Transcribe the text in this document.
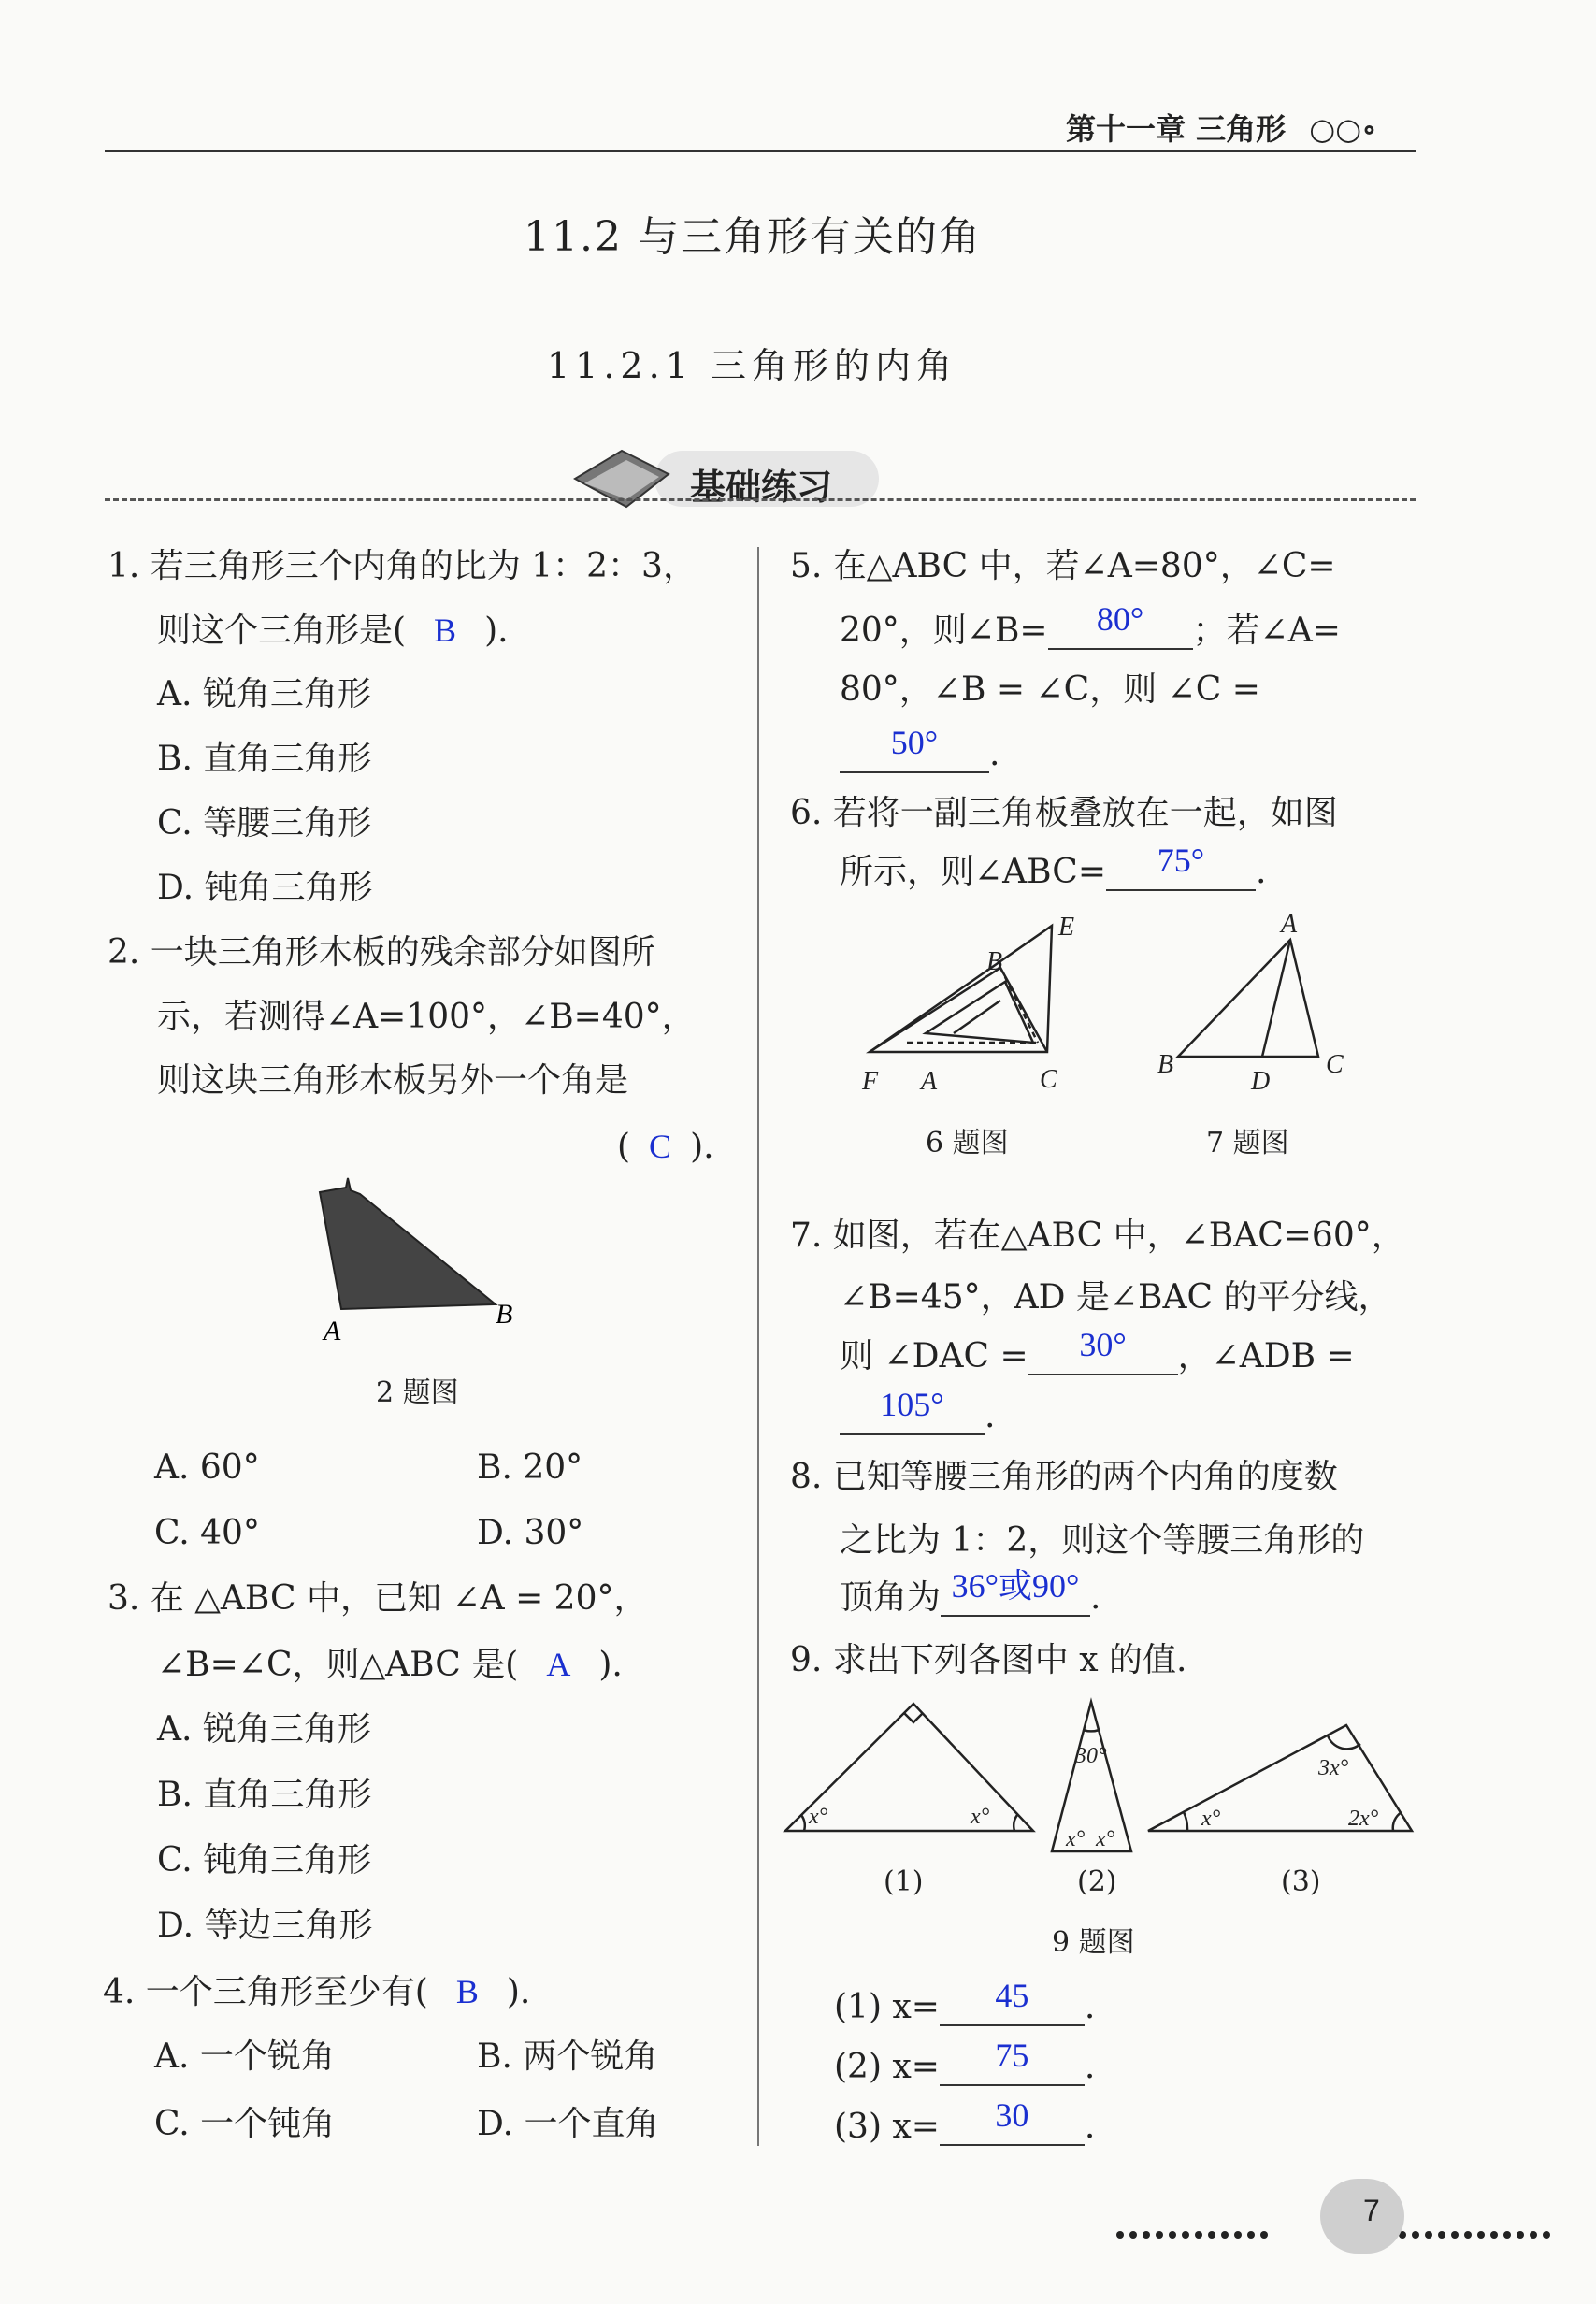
第十一章 三角形 ○○∘
11.2 与三角形有关的角
11.2.1 三角形的内角
基础练习
1. 若三角形三个内角的比为 1：2：3，
则这个三角形是( B ).
A. 锐角三角形
B. 直角三角形
C. 等腰三角形
D. 钝角三角形
2. 一块三角形木板的残余部分如图所
示，若测得∠A=100°，∠B=40°，
则这块三角形木板另外一个角是
( C ).
A
B
2 题图
A. 60°	B. 20°
C. 40°	D. 30°
3. 在 △ABC 中，已知 ∠A = 20°，
∠B=∠C，则△ABC 是( A ).
A. 锐角三角形
B. 直角三角形
C. 钝角三角形
D. 等边三角形
4. 一个三角形至少有( B ).
A. 一个锐角	B. 两个锐角
C. 一个钝角	D. 一个直角
5. 在△ABC 中，若∠A=80°，∠C=
20°，则∠B= 80° ；若∠A=
80°，∠B = ∠C，则 ∠C =
50° .
6. 若将一副三角板叠放在一起，如图
所示，则∠ABC= 75° .
E
B
F A	C
6 题图
A
B
D
C
7 题图
7. 如图，若在△ABC 中，∠BAC=60°，
∠B=45°，AD 是∠BAC 的平分线，
则 ∠DAC = 30° ，∠ADB =
105° .
8. 已知等腰三角形的两个内角的度数
之比为 1：2，则这个等腰三角形的
顶角为 36°或90° .
9. 求出下列各图中 x 的值.
x°	x°
30°
x° x°
3x°
x°	2x°
(1)	(2)	(3)
9 题图
(1) x= 45 .
(2) x= 75 .
(3) x= 30 .
7
